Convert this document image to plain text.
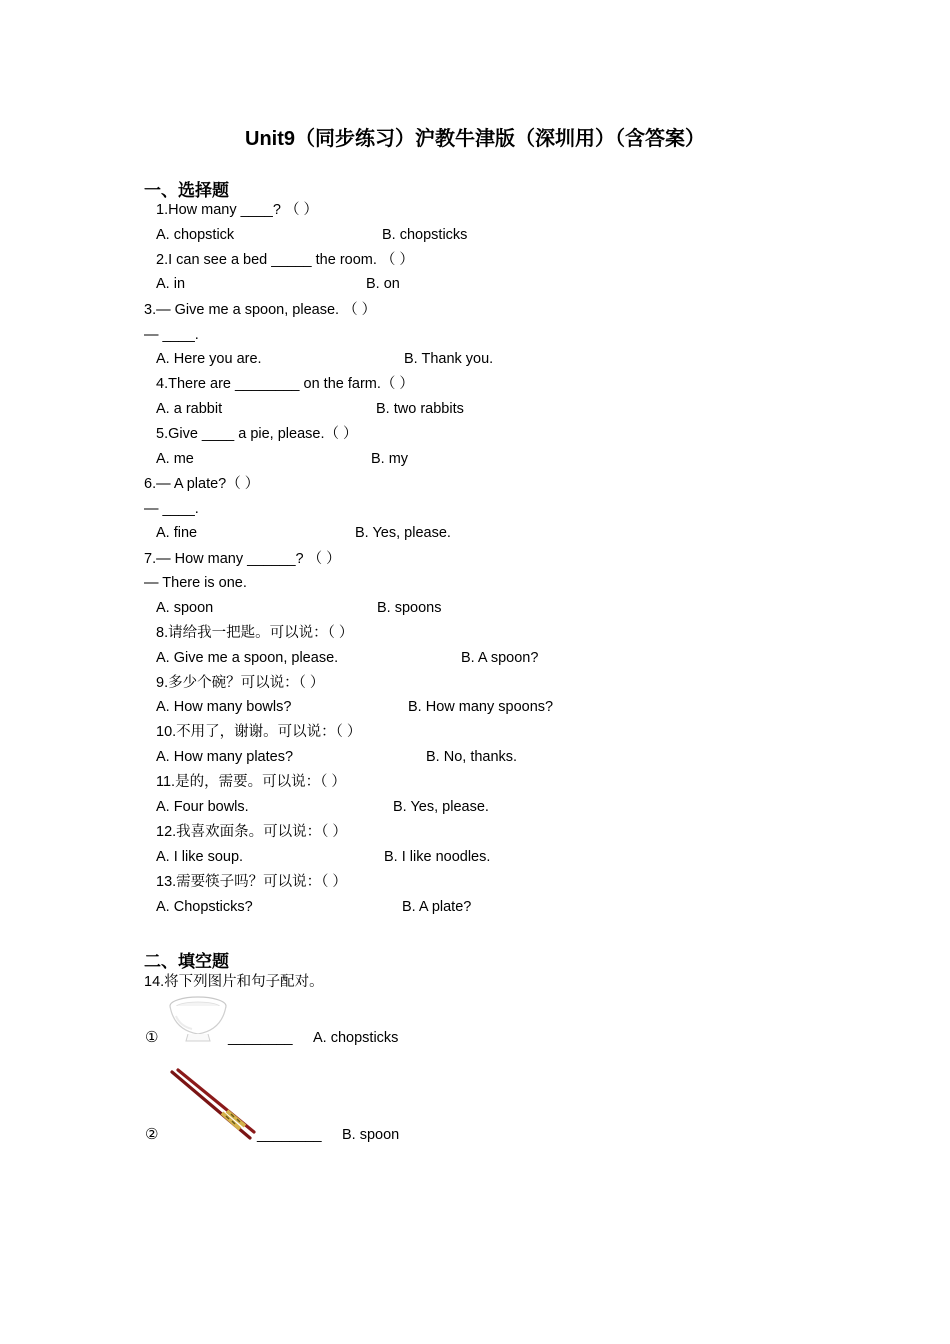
Unit9（同步练习）沪教牛津版（深圳用）（含答案）
一、选择题
1.How many ____? （ ）
A. chopstick	B. chopsticks
2.I can see a bed _____ the room. （ ）
A. in	B. on
3.— Give me a spoon, please. （ ）
— ____.
A. Here you are.	B. Thank you.
4.There are ________ on the farm.（ ）
A. a rabbit	B. two rabbits
5.Give ____ a pie, please.（ ）
A. me	B. my
6.— A plate?（ ）
— ____.
A. fine	B. Yes, please.
7.— How many ______? （ ）
— There is one.
A. spoon	B. spoons
8.请给我一把匙。可以说：（ ）
A. Give me a spoon, please.	B. A spoon?
9.多少个碗？可以说：（ ）
A. How many bowls?	B. How many spoons?
10.不用了，谢谢。可以说：（ ）
A. How many plates?	B. No, thanks.
11.是的，需要。可以说：（ ）
A. Four bowls.	B. Yes, please.
12.我喜欢面条。可以说：（ ）
A. I like soup.	B. I like noodles.
13.需要筷子吗？可以说：（ ）
A. Chopsticks?	B. A plate?
二、填空题
14.将下列图片和句子配对。
①	________ A. chopsticks
②	________ B. spoon
